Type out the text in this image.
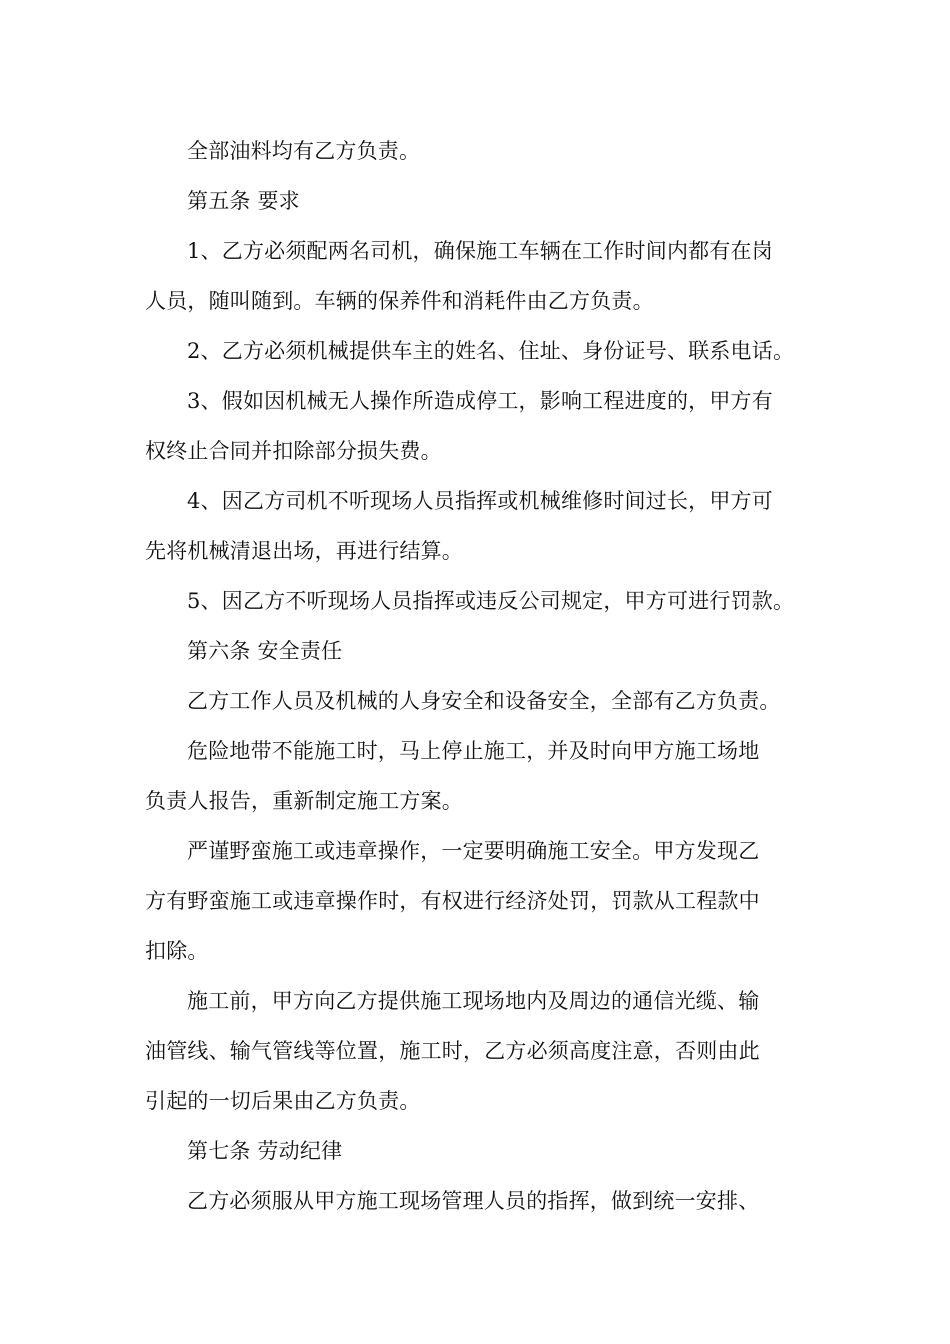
全部油料均有乙方负责。
第五条 要求
1、乙方必须配两名司机，确保施工车辆在工作时间内都有在岗
人员，随叫随到。车辆的保养件和消耗件由乙方负责。
2、乙方必须机械提供车主的姓名、住址、身份证号、联系电话。
3、假如因机械无人操作所造成停工，影响工程进度的，甲方有
权终止合同并扣除部分损失费。
4、因乙方司机不听现场人员指挥或机械维修时间过长，甲方可
先将机械清退出场，再进行结算。
5、因乙方不听现场人员指挥或违反公司规定，甲方可进行罚款。
第六条 安全责任
乙方工作人员及机械的人身安全和设备安全，全部有乙方负责。
危险地带不能施工时，马上停止施工，并及时向甲方施工场地
负责人报告，重新制定施工方案。
严谨野蛮施工或违章操作，一定要明确施工安全。甲方发现乙
方有野蛮施工或违章操作时，有权进行经济处罚，罚款从工程款中
扣除。
施工前，甲方向乙方提供施工现场地内及周边的通信光缆、输
油管线、输气管线等位置，施工时，乙方必须高度注意，否则由此
引起的一切后果由乙方负责。
第七条 劳动纪律
乙方必须服从甲方施工现场管理人员的指挥，做到统一安排、
